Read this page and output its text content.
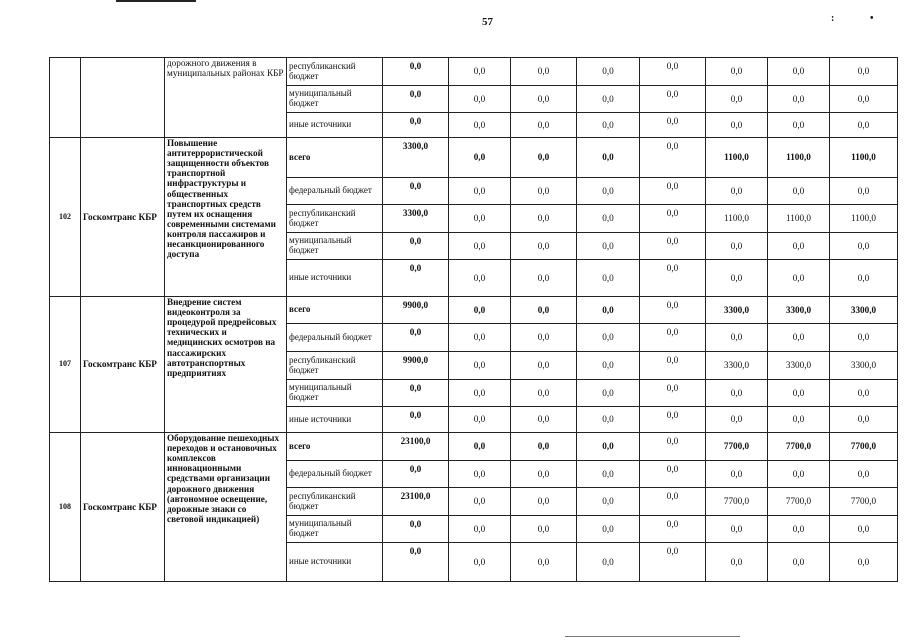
57	:	•
		дорожного движения в муниципальных районах КБР	республиканский бюджет	0,0	0,0	0,0	0,0	0,0	0,0	0,0	0,0
			муниципальный бюджет	0,0	0,0	0,0	0,0	0,0	0,0	0,0	0,0
			иные источники	0,0	0,0	0,0	0,0	0,0	0,0	0,0	0,0
102	Госкомтранс КБР	Повышение антитеррористической защищенности объектов транспортной инфраструктуры и общественных транспортных средств путем их оснащения современными системами контроля пассажиров и несанкционированного доступа	всего	3300,0	0,0	0,0	0,0	0,0	1100,0	1100,0	1100,0
			федеральный бюджет	0,0	0,0	0,0	0,0	0,0	0,0	0,0	0,0
			республиканский бюджет	3300,0	0,0	0,0	0,0	0,0	1100,0	1100,0	1100,0
			муниципальный бюджет	0,0	0,0	0,0	0,0	0,0	0,0	0,0	0,0
			иные источники	0,0	0,0	0,0	0,0	0,0	0,0	0,0	0,0
107	Госкомтранс КБР	Внедрение систем видеоконтроля за процедурой предрейсовых технических и медицинских осмотров на пассажирских автотранспортных предприятиях	всего	9900,0	0,0	0,0	0,0	0,0	3300,0	3300,0	3300,0
			федеральный бюджет	0,0	0,0	0,0	0,0	0,0	0,0	0,0	0,0
			республиканский бюджет	9900,0	0,0	0,0	0,0	0,0	3300,0	3300,0	3300,0
			муниципальный бюджет	0,0	0,0	0,0	0,0	0,0	0,0	0,0	0,0
			иные источники	0,0	0,0	0,0	0,0	0,0	0,0	0,0	0,0
108	Госкомтранс КБР	Оборудование пешеходных переходов и остановочных комплексов инновационными средствами организации дорожного движения (автономное освещение, дорожные знаки со световой индикацией)	всего	23100,0	0,0	0,0	0,0	0,0	7700,0	7700,0	7700,0
			федеральный бюджет	0,0	0,0	0,0	0,0	0,0	0,0	0,0	0,0
			республиканский бюджет	23100,0	0,0	0,0	0,0	0,0	7700,0	7700,0	7700,0
			муниципальный бюджет	0,0	0,0	0,0	0,0	0,0	0,0	0,0	0,0
			иные источники	0,0	0,0	0,0	0,0	0,0	0,0	0,0	0,0
